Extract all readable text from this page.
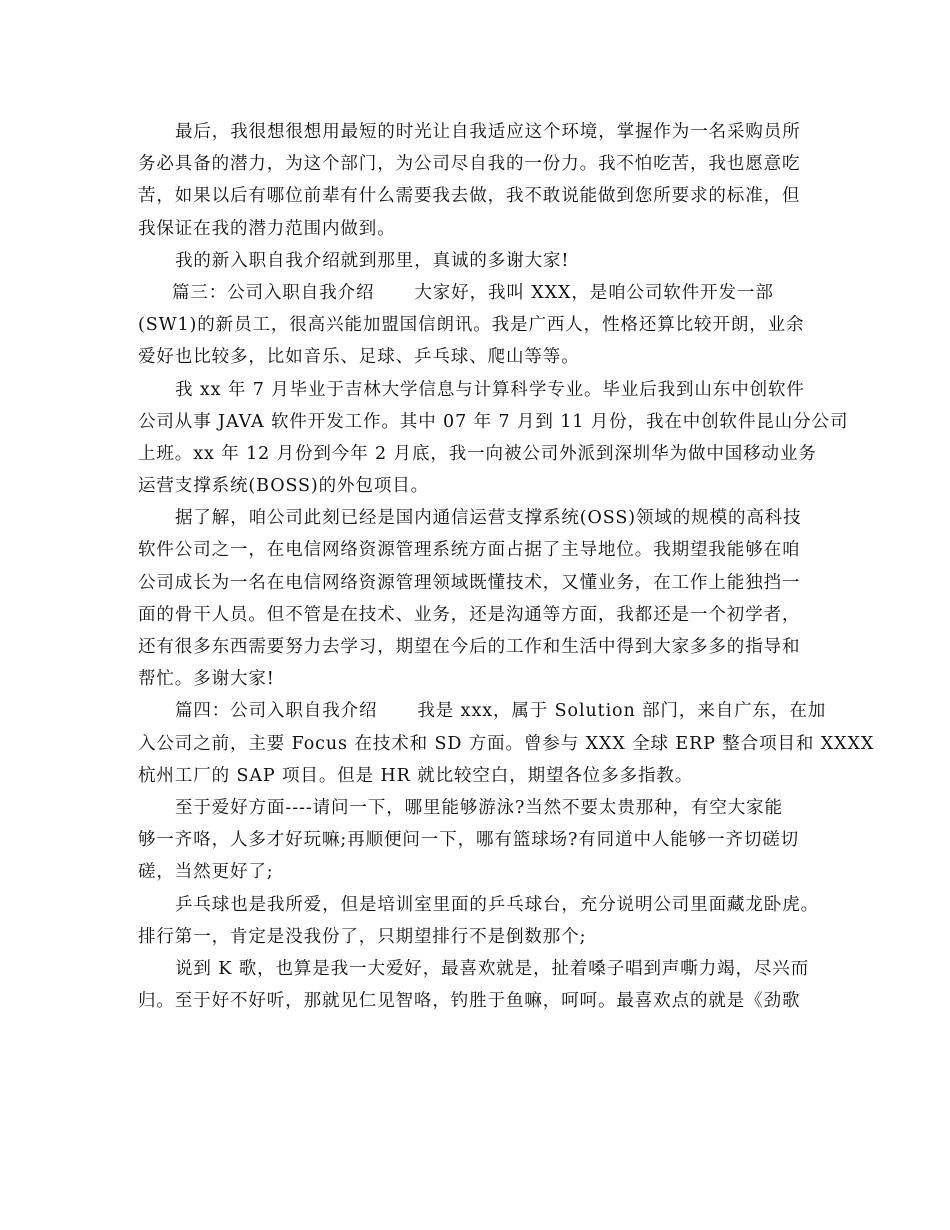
最后，我很想很想用最短的时光让自我适应这个环境，掌握作为一名采购员所
务必具备的潜力，为这个部门，为公司尽自我的一份力。我不怕吃苦，我也愿意吃
苦，如果以后有哪位前辈有什么需要我去做，我不敢说能做到您所要求的标准，但
我保证在我的潜力范围内做到。
我的新入职自我介绍就到那里，真诚的多谢大家!
篇三：公司入职自我介绍 大家好，我叫 XXX，是咱公司软件开发一部
(SW1)的新员工，很高兴能加盟国信朗讯。我是广西人，性格还算比较开朗，业余
爱好也比较多，比如音乐、足球、乒乓球、爬山等等。
我 xx 年 7 月毕业于吉林大学信息与计算科学专业。毕业后我到山东中创软件
公司从事 JAVA 软件开发工作。其中 07 年 7 月到 11 月份，我在中创软件昆山分公司
上班。xx 年 12 月份到今年 2 月底，我一向被公司外派到深圳华为做中国移动业务
运营支撑系统(BOSS)的外包项目。
据了解，咱公司此刻已经是国内通信运营支撑系统(OSS)领域的规模的高科技
软件公司之一，在电信网络资源管理系统方面占据了主导地位。我期望我能够在咱
公司成长为一名在电信网络资源管理领域既懂技术，又懂业务，在工作上能独挡一
面的骨干人员。但不管是在技术、业务，还是沟通等方面，我都还是一个初学者，
还有很多东西需要努力去学习，期望在今后的工作和生活中得到大家多多的指导和
帮忙。多谢大家!
篇四：公司入职自我介绍 我是 xxx，属于 Solution 部门，来自广东，在加
入公司之前，主要 Focus 在技术和 SD 方面。曾参与 XXX 全球 ERP 整合项目和 XXXX
杭州工厂的 SAP 项目。但是 HR 就比较空白，期望各位多多指教。
至于爱好方面----请问一下，哪里能够游泳?当然不要太贵那种，有空大家能
够一齐咯，人多才好玩嘛;再顺便问一下，哪有篮球场?有同道中人能够一齐切磋切
磋，当然更好了;
乒乓球也是我所爱，但是培训室里面的乒乓球台，充分说明公司里面藏龙卧虎。
排行第一，肯定是没我份了，只期望排行不是倒数那个;
说到 K 歌，也算是我一大爱好，最喜欢就是，扯着嗓子唱到声嘶力竭，尽兴而
归。至于好不好听，那就见仁见智咯，钓胜于鱼嘛，呵呵。最喜欢点的就是《劲歌
